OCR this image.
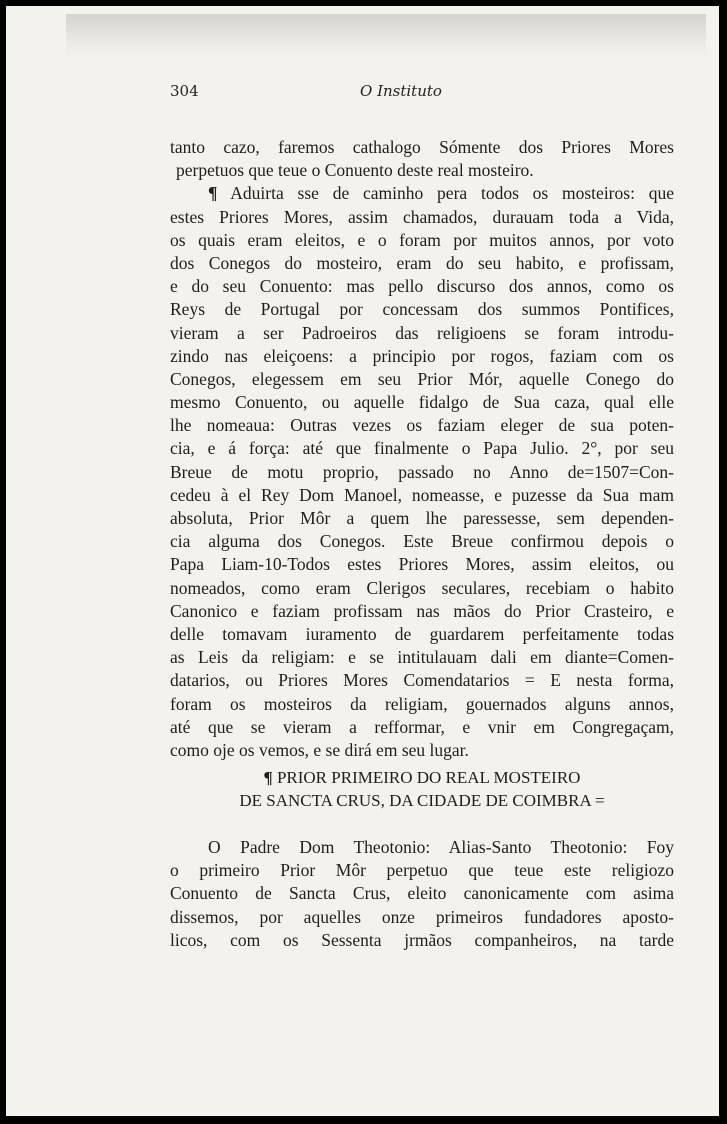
304	O Instituto
tanto cazo, faremos cathalogo Sómente dos Priores Mores
perpetuos que teue o Conuento deste real mosteiro.
¶ Aduirta sse de caminho pera todos os mosteiros: que
estes Priores Mores, assim chamados, durauam toda a Vida,
os quais eram eleitos, e o foram por muitos annos, por voto
dos Conegos do mosteiro, eram do seu habito, e profissam,
e do seu Conuento: mas pello discurso dos annos, como os
Reys de Portugal por concessam dos summos Pontifices,
vieram a ser Padroeiros das religioens se foram introdu-
zindo nas eleiçoens: a principio por rogos, faziam com os
Conegos, elegessem em seu Prior Mór, aquelle Conego do
mesmo Conuento, ou aquelle fidalgo de Sua caza, qual elle
lhe nomeaua: Outras vezes os faziam eleger de sua poten-
cia, e á força: até que finalmente o Papa Julio. 2°, por seu
Breue de motu proprio, passado no Anno de=1507=Con-
cedeu à el Rey Dom Manoel, nomeasse, e puzesse da Sua mam
absoluta, Prior Môr a quem lhe paressesse, sem dependen-
cia alguma dos Conegos. Este Breue confirmou depois o
Papa Liam-10-Todos estes Priores Mores, assim eleitos, ou
nomeados, como eram Clerigos seculares, recebiam o habito
Canonico e faziam profissam nas mãos do Prior Crasteiro, e
delle tomavam iuramento de guardarem perfeitamente todas
as Leis da religiam: e se intitulauam dali em diante=Comen-
datarios, ou Priores Mores Comendatarios = E nesta forma,
foram os mosteiros da religiam, gouernados alguns annos,
até que se vieram a refformar, e vnir em Congregaçam,
como oje os vemos, e se dirá em seu lugar.
¶ PRIOR PRIMEIRO DO REAL MOSTEIRO
DE SANCTA CRUS, DA CIDADE DE COIMBRA =
O Padre Dom Theotonio: Alias-Santo Theotonio: Foy
o primeiro Prior Môr perpetuo que teue este religiozo
Conuento de Sancta Crus, eleito canonicamente com asima
dissemos, por aquelles onze primeiros fundadores aposto-
licos, com os Sessenta jrmãos companheiros, na tarde
